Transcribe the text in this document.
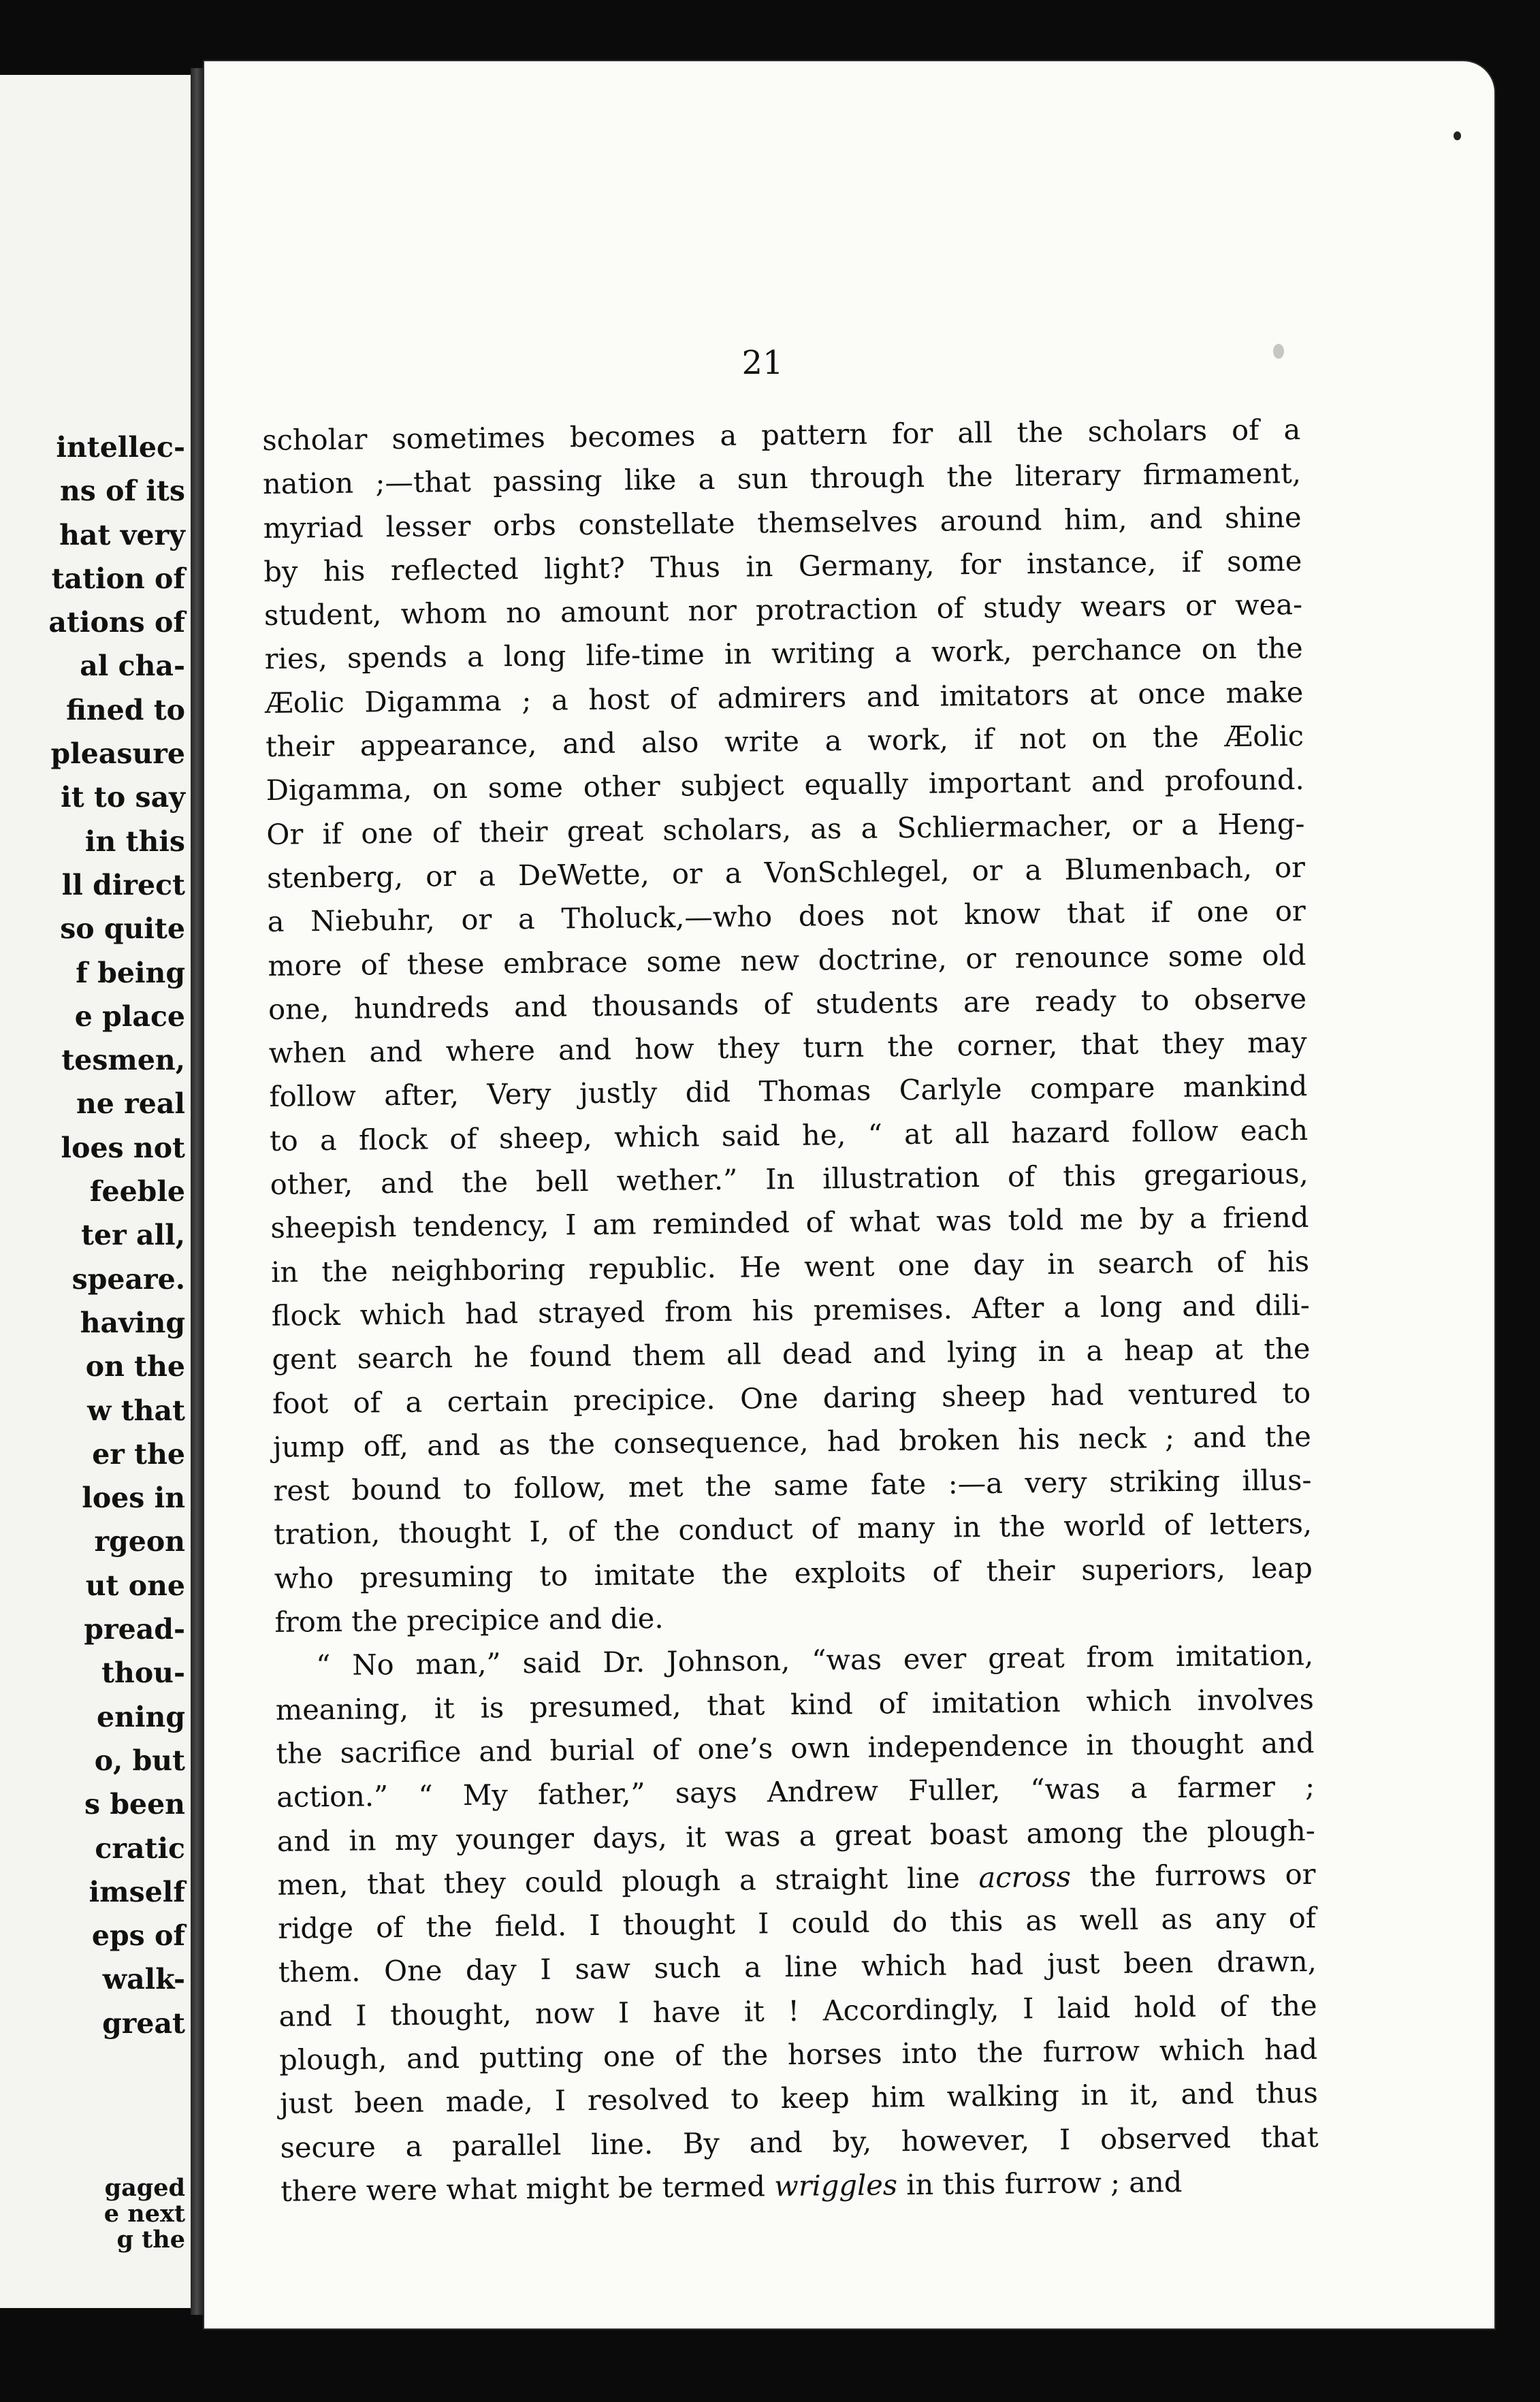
intellec-
ns of its
hat very
tation of
ations of
al cha-
fined to
pleasure
it to say
in this
ll direct
so quite
f being
e place
tesmen,
ne real
loes not
feeble
ter all,
speare.
having
on the
w that
er the
loes in
rgeon
ut one
pread-
thou-
ening
o, but
s been
cratic
imself
eps of
walk-
great
gaged
e next
g the
21
scholar sometimes becomes a pattern for all the scholars of a
nation ;—that passing like a sun through the literary firmament,
myriad lesser orbs constellate themselves around him, and shine
by his reflected light? Thus in Germany, for instance, if some
student, whom no amount nor protraction of study wears or wea-
ries, spends a long life-time in writing a work, perchance on the
Æolic Digamma ; a host of admirers and imitators at once make
their appearance, and also write a work, if not on the Æolic
Digamma, on some other subject equally important and profound.
Or if one of their great scholars, as a Schliermacher, or a Heng-
stenberg, or a DeWette, or a VonSchlegel, or a Blumenbach, or
a Niebuhr, or a Tholuck,—who does not know that if one or
more of these embrace some new doctrine, or renounce some old
one, hundreds and thousands of students are ready to observe
when and where and how they turn the corner, that they may
follow after, Very justly did Thomas Carlyle compare mankind
to a flock of sheep, which said he, “ at all hazard follow each
other, and the bell wether.” In illustration of this gregarious,
sheepish tendency, I am reminded of what was told me by a friend
in the neighboring republic. He went one day in search of his
flock which had strayed from his premises. After a long and dili-
gent search he found them all dead and lying in a heap at the
foot of a certain precipice. One daring sheep had ventured to
jump off, and as the consequence, had broken his neck ; and the
rest bound to follow, met the same fate :—a very striking illus-
tration, thought I, of the conduct of many in the world of letters,
who presuming to imitate the exploits of their superiors, leap
from the precipice and die.
“ No man,” said Dr. Johnson, “was ever great from imitation,
meaning, it is presumed, that kind of imitation which involves
the sacrifice and burial of one’s own independence in thought and
action.” “ My father,” says Andrew Fuller, “was a farmer ;
and in my younger days, it was a great boast among the plough-
men, that they could plough a straight line across the furrows or
ridge of the field. I thought I could do this as well as any of
them. One day I saw such a line which had just been drawn,
and I thought, now I have it ! Accordingly, I laid hold of the
plough, and putting one of the horses into the furrow which had
just been made, I resolved to keep him walking in it, and thus
secure a parallel line. By and by, however, I observed that
there were what might be termed wriggles in this furrow ; and
